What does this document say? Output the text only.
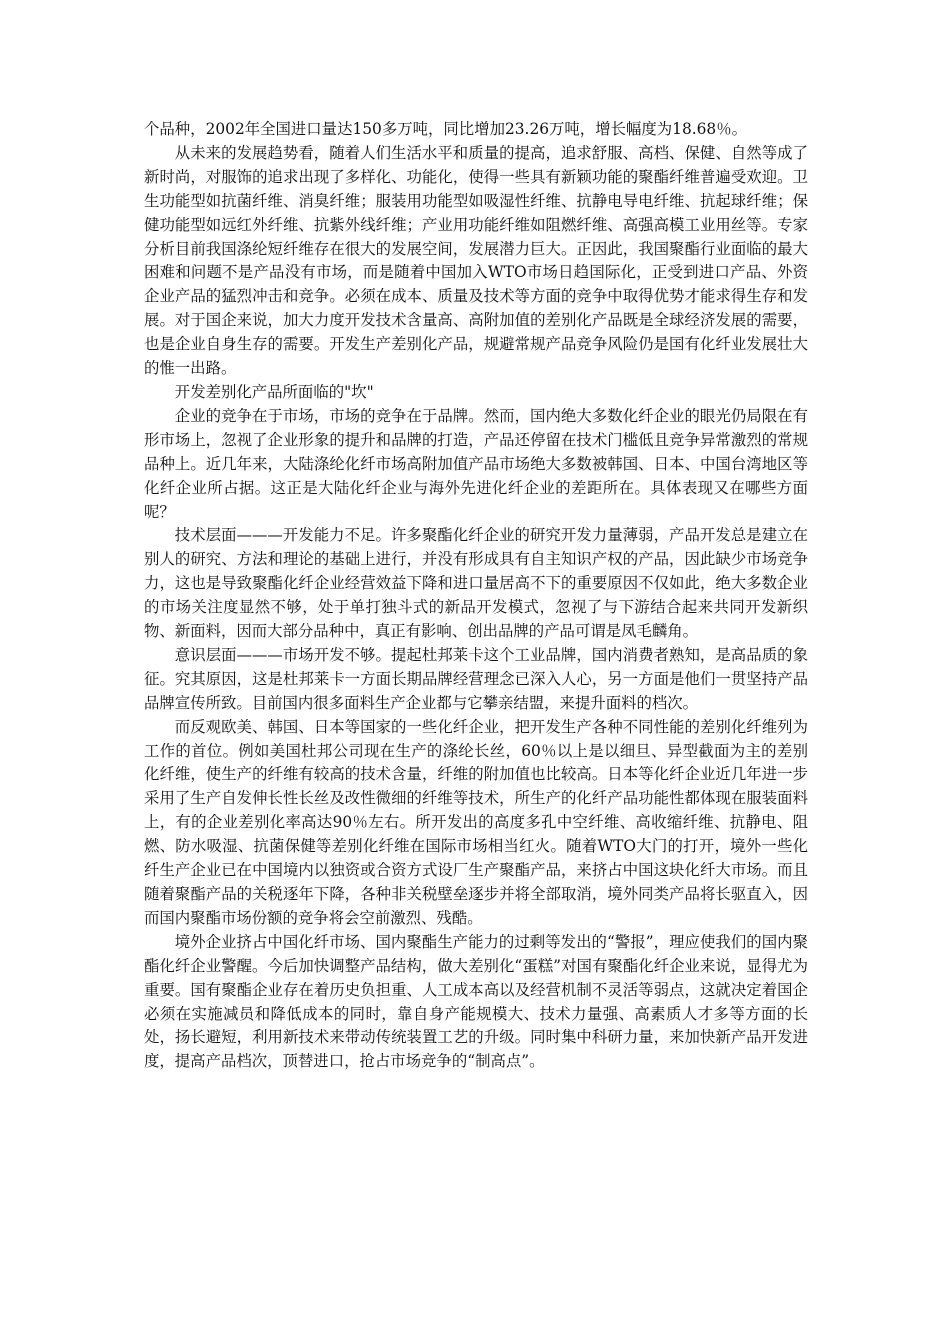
个品种，2002年全国进口量达150多万吨，同比增加23.26万吨，增长幅度为18.68％。

从未来的发展趋势看，随着人们生活水平和质量的提高，追求舒服、高档、保健、自然等成了新时尚，对服饰的追求出现了多样化、功能化，使得一些具有新颖功能的聚酯纤维普遍受欢迎。卫生功能型如抗菌纤维、消臭纤维；服装用功能型如吸湿性纤维、抗静电导电纤维、抗起球纤维；保健功能型如远红外纤维、抗紫外线纤维；产业用功能纤维如阻燃纤维、高强高模工业用丝等。专家分析目前我国涤纶短纤维存在很大的发展空间，发展潜力巨大。正因此，我国聚酯行业面临的最大困难和问题不是产品没有市场，而是随着中国加入WTO市场日趋国际化，正受到进口产品、外资企业产品的猛烈冲击和竞争。必须在成本、质量及技术等方面的竞争中取得优势才能求得生存和发展。对于国企来说，加大力度开发技术含量高、高附加值的差别化产品既是全球经济发展的需要，也是企业自身生存的需要。开发生产差别化产品，规避常规产品竞争风险仍是国有化纤业发展壮大的惟一出路。

开发差别化产品所面临的"坎"

企业的竞争在于市场，市场的竞争在于品牌。然而，国内绝大多数化纤企业的眼光仍局限在有形市场上，忽视了企业形象的提升和品牌的打造，产品还停留在技术门槛低且竞争异常激烈的常规品种上。近几年来，大陆涤纶化纤市场高附加值产品市场绝大多数被韩国、日本、中国台湾地区等化纤企业所占据。这正是大陆化纤企业与海外先进化纤企业的差距所在。具体表现又在哪些方面呢？

技术层面———开发能力不足。许多聚酯化纤企业的研究开发力量薄弱，产品开发总是建立在别人的研究、方法和理论的基础上进行，并没有形成具有自主知识产权的产品，因此缺少市场竞争力，这也是导致聚酯化纤企业经营效益下降和进口量居高不下的重要原因不仅如此，绝大多数企业的市场关注度显然不够，处于单打独斗式的新品开发模式，忽视了与下游结合起来共同开发新织物、新面料，因而大部分品种中，真正有影响、创出品牌的产品可谓是凤毛麟角。

意识层面———市场开发不够。提起杜邦莱卡这个工业品牌，国内消费者熟知，是高品质的象征。究其原因，这是杜邦莱卡一方面长期品牌经营理念已深入人心，另一方面是他们一贯坚持产品品牌宣传所致。目前国内很多面料生产企业都与它攀亲结盟，来提升面料的档次。

而反观欧美、韩国、日本等国家的一些化纤企业，把开发生产各种不同性能的差别化纤维列为工作的首位。例如美国杜邦公司现在生产的涤纶长丝，60％以上是以细旦、异型截面为主的差别化纤维，使生产的纤维有较高的技术含量，纤维的附加值也比较高。日本等化纤企业近几年进一步采用了生产自发伸长性长丝及改性微细的纤维等技术，所生产的化纤产品功能性都体现在服装面料上，有的企业差别化率高达90％左右。所开发出的高度多孔中空纤维、高收缩纤维、抗静电、阻燃、防水吸湿、抗菌保健等差别化纤维在国际市场相当红火。随着WTO大门的打开，境外一些化纤生产企业已在中国境内以独资或合资方式设厂生产聚酯产品，来挤占中国这块化纤大市场。而且随着聚酯产品的关税逐年下降，各种非关税壁垒逐步并将全部取消，境外同类产品将长驱直入，因而国内聚酯市场份额的竞争将会空前激烈、残酷。

境外企业挤占中国化纤市场、国内聚酯生产能力的过剩等发出的“警报”，理应使我们的国内聚酯化纤企业警醒。今后加快调整产品结构，做大差别化“蛋糕”对国有聚酯化纤企业来说，显得尤为重要。国有聚酯企业存在着历史负担重、人工成本高以及经营机制不灵活等弱点，这就决定着国企必须在实施减员和降低成本的同时，靠自身产能规模大、技术力量强、高素质人才多等方面的长处，扬长避短，利用新技术来带动传统装置工艺的升级。同时集中科研力量，来加快新产品开发进度，提高产品档次，顶替进口，抢占市场竞争的“制高点”。
